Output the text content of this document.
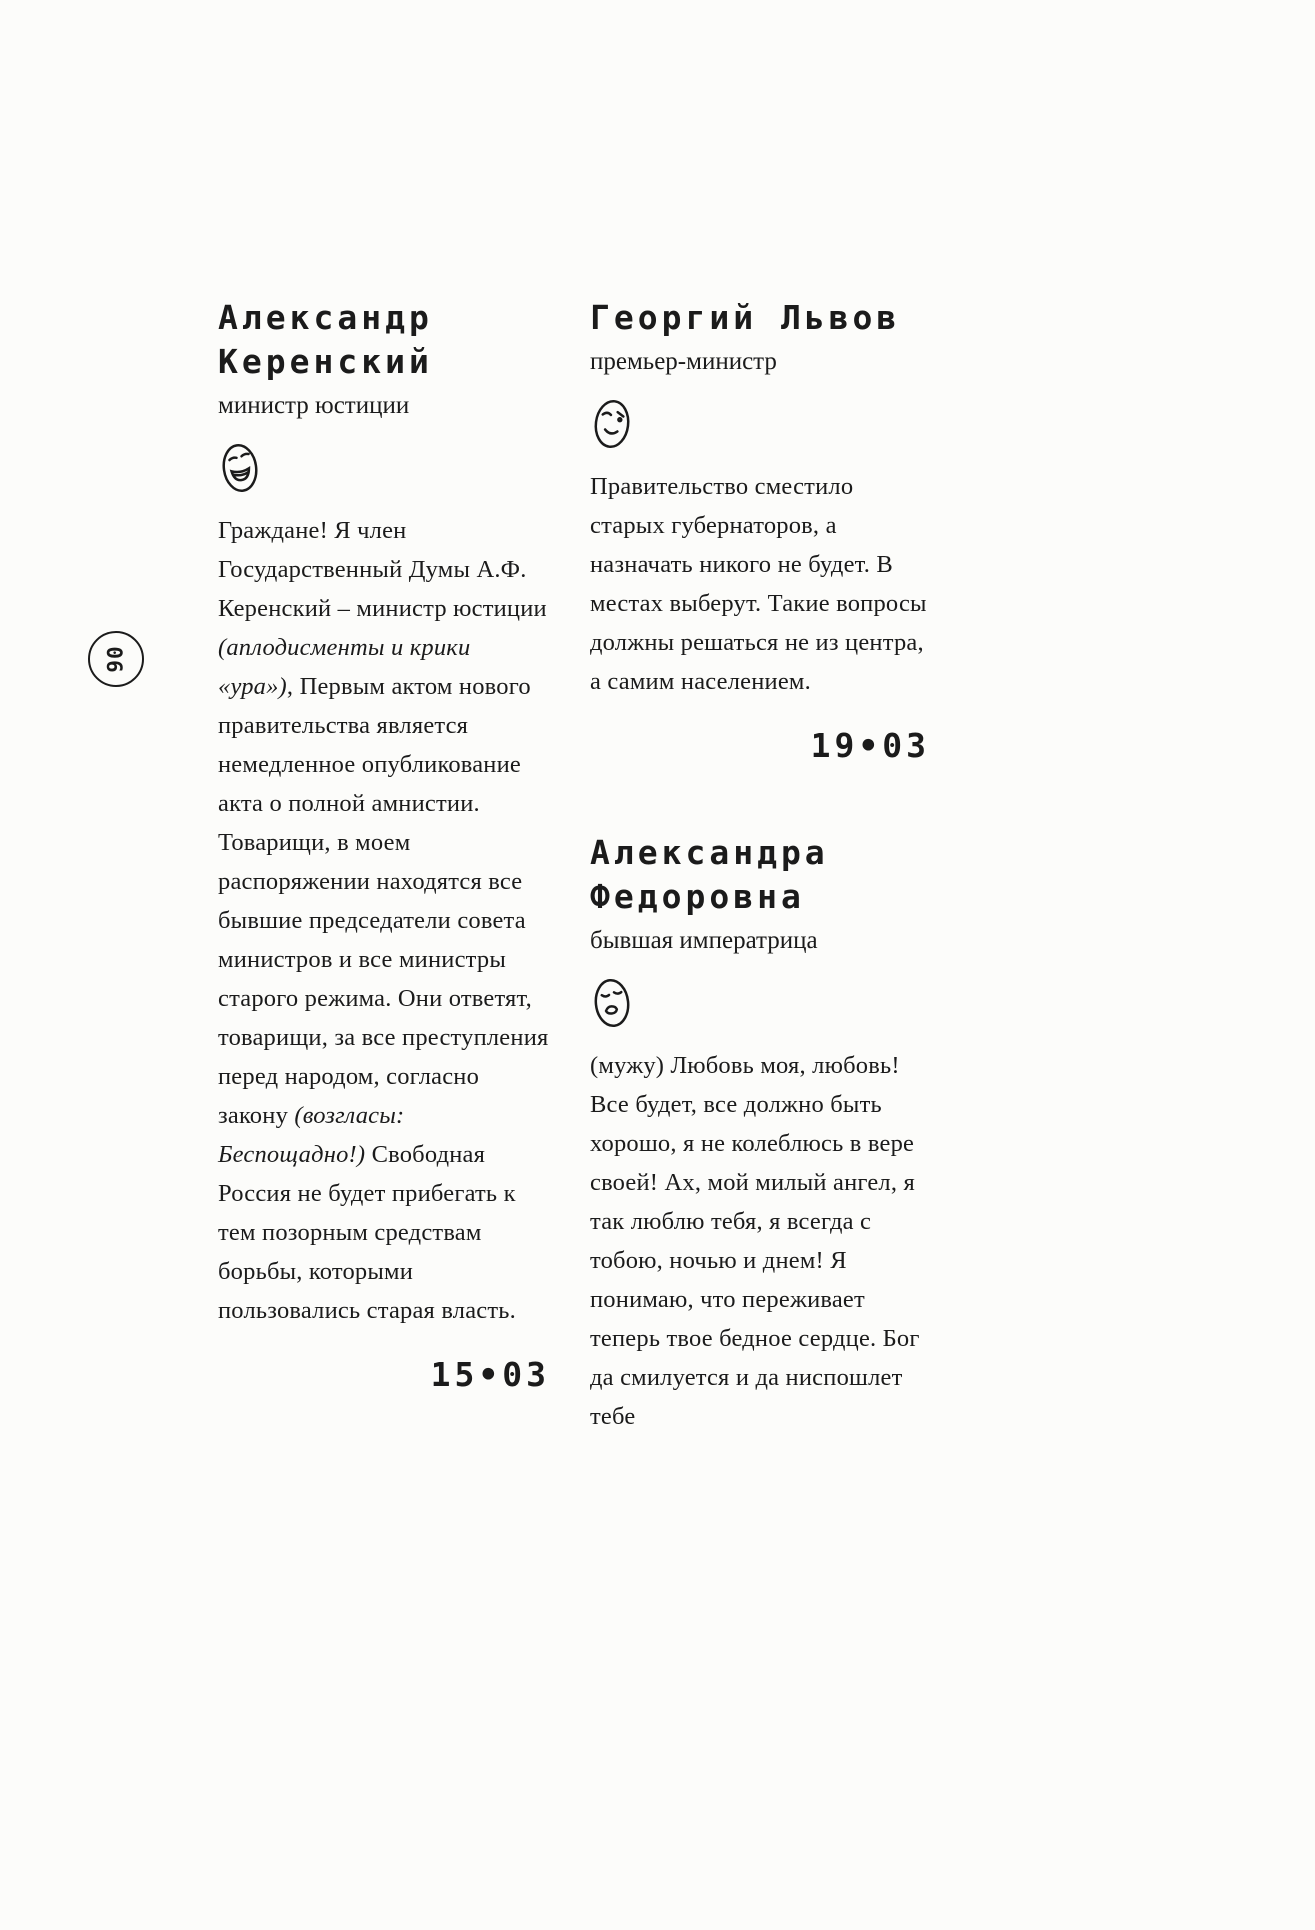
90
Александр
Керенский
министр юстиции

Граждане! Я член Государственный Думы А.Ф. Керенский – министр юстиции (аплодисменты и крики «ура»), Первым актом нового правительства является немедленное опубликование акта о полной амнистии. Товарищи, в моем распоряжении находятся все бывшие председатели совета министров и все министры старого режима. Они ответят, товарищи, за все преступления перед народом, согласно закону (возгласы: Беспощадно!) Свободная Россия не будет прибегать к тем позорным средствам борьбы, которыми пользовались старая власть.

15•03
Георгий Львов
премьер-министр

Правительство сместило старых губернаторов, а назначать никого не будет. В местах выберут. Такие вопросы должны решаться не из центра, а самим населением.

19•03
Александра
Федоровна
бывшая императрица

(мужу) Любовь моя, любовь! Все будет, все должно быть хорошо, я не колеблюсь в вере своей! Ах, мой милый ангел, я так люблю тебя, я всегда с тобою, ночью и днем! Я понимаю, что переживает теперь твое бедное сердце. Бог да смилуется и да ниспошлет тебе
